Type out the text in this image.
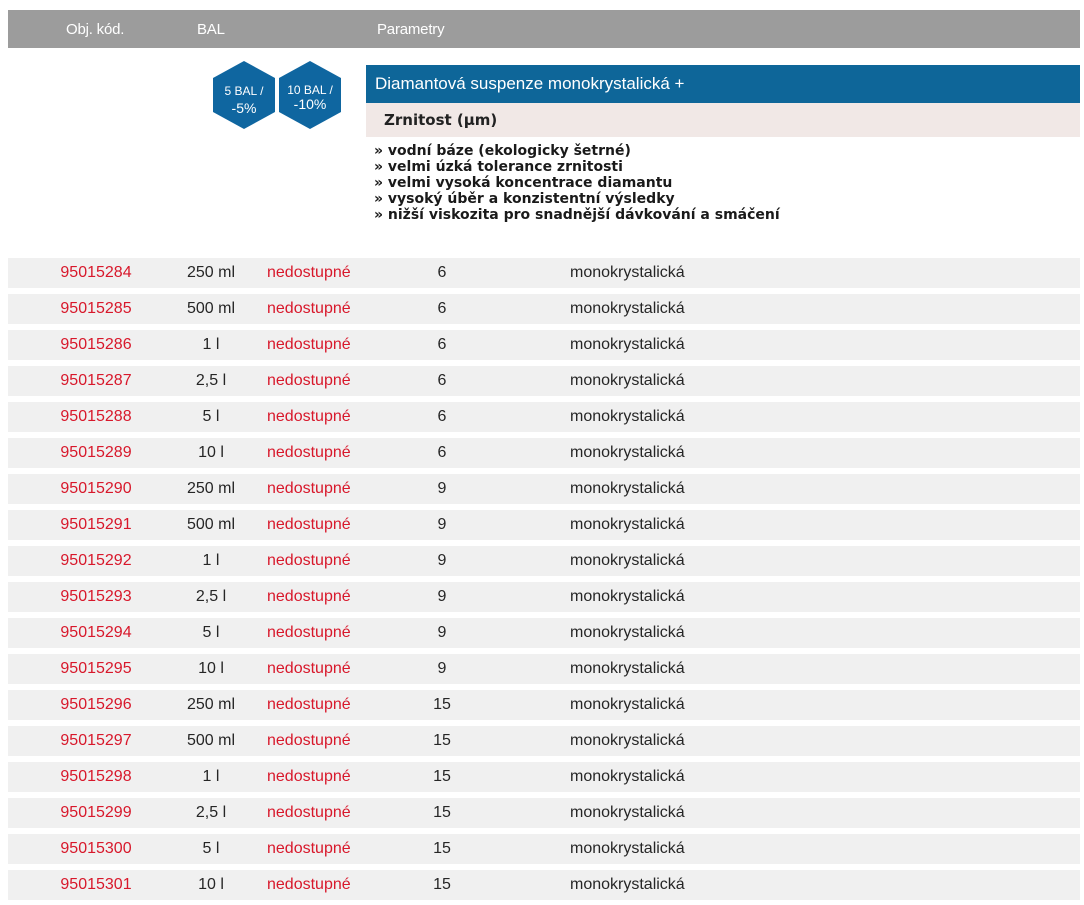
Obj. kód.	BAL	Parametry
5 BAL /
-5%
10 BAL /
-10%
Diamantová suspenze monokrystalická +
Zrnitost (μm)
» vodní báze (ekologicky šetrné)
» velmi úzká tolerance zrnitosti
» velmi vysoká koncentrace diamantu
» vysoký úběr a konzistentní výsledky
» nižší viskozita pro snadnější dávkování a smáčení
95015284	250 ml	nedostupné	6	monokrystalická
95015285	500 ml	nedostupné	6	monokrystalická
95015286	1 l	nedostupné	6	monokrystalická
95015287	2,5 l	nedostupné	6	monokrystalická
95015288	5 l	nedostupné	6	monokrystalická
95015289	10 l	nedostupné	6	monokrystalická
95015290	250 ml	nedostupné	9	monokrystalická
95015291	500 ml	nedostupné	9	monokrystalická
95015292	1 l	nedostupné	9	monokrystalická
95015293	2,5 l	nedostupné	9	monokrystalická
95015294	5 l	nedostupné	9	monokrystalická
95015295	10 l	nedostupné	9	monokrystalická
95015296	250 ml	nedostupné	15	monokrystalická
95015297	500 ml	nedostupné	15	monokrystalická
95015298	1 l	nedostupné	15	monokrystalická
95015299	2,5 l	nedostupné	15	monokrystalická
95015300	5 l	nedostupné	15	monokrystalická
95015301	10 l	nedostupné	15	monokrystalická
